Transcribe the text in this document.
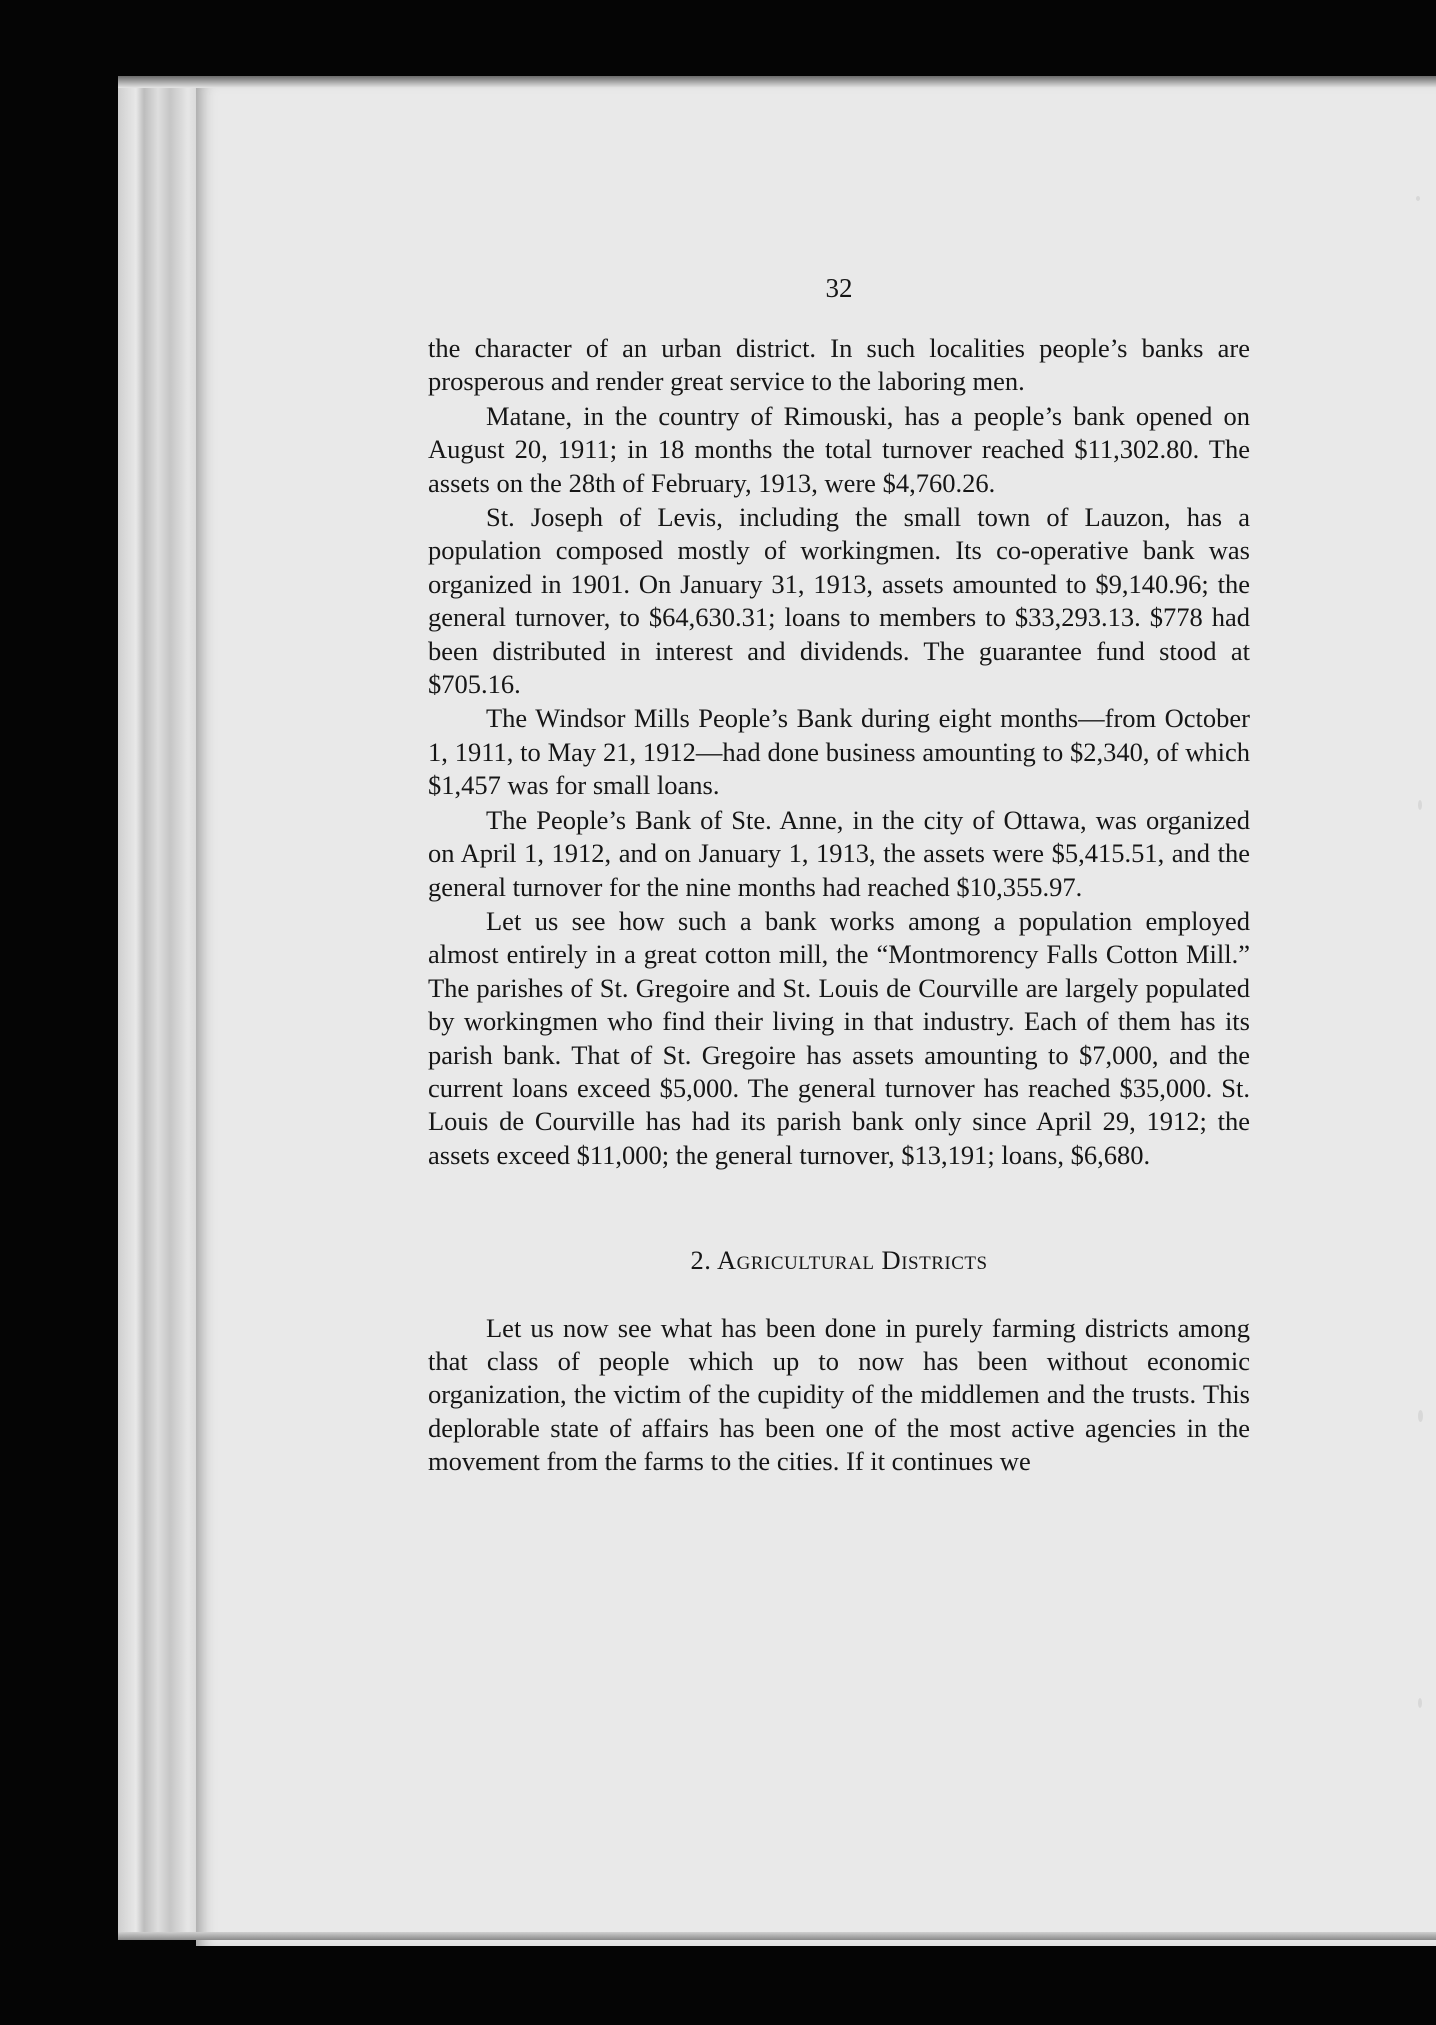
32

the character of an urban district. In such localities people’s banks are prosperous and render great service to the laboring men.

Matane, in the country of Rimouski, has a people’s bank opened on August 20, 1911; in 18 months the total turnover reached $11,302.80. The assets on the 28th of February, 1913, were $4,760.26.

St. Joseph of Levis, including the small town of Lauzon, has a population composed mostly of workingmen. Its co-operative bank was organized in 1901. On January 31, 1913, assets amounted to $9,140.96; the general turnover, to $64,630.31; loans to members to $33,293.13. $778 had been distributed in interest and dividends. The guarantee fund stood at $705.16.

The Windsor Mills People’s Bank during eight months—from October 1, 1911, to May 21, 1912—had done business amounting to $2,340, of which $1,457 was for small loans.

The People’s Bank of Ste. Anne, in the city of Ottawa, was organized on April 1, 1912, and on January 1, 1913, the assets were $5,415.51, and the general turnover for the nine months had reached $10,355.97.

Let us see how such a bank works among a population employed almost entirely in a great cotton mill, the “Montmorency Falls Cotton Mill.” The parishes of St. Gregoire and St. Louis de Courville are largely populated by workingmen who find their living in that industry. Each of them has its parish bank. That of St. Gregoire has assets amounting to $7,000, and the current loans exceed $5,000. The general turnover has reached $35,000. St. Louis de Courville has had its parish bank only since April 29, 1912; the assets exceed $11,000; the general turnover, $13,191; loans, $6,680.

2. Agricultural Districts

Let us now see what has been done in purely farming districts among that class of people which up to now has been without economic organization, the victim of the cupidity of the middlemen and the trusts. This deplorable state of affairs has been one of the most active agencies in the movement from the farms to the cities. If it continues we
